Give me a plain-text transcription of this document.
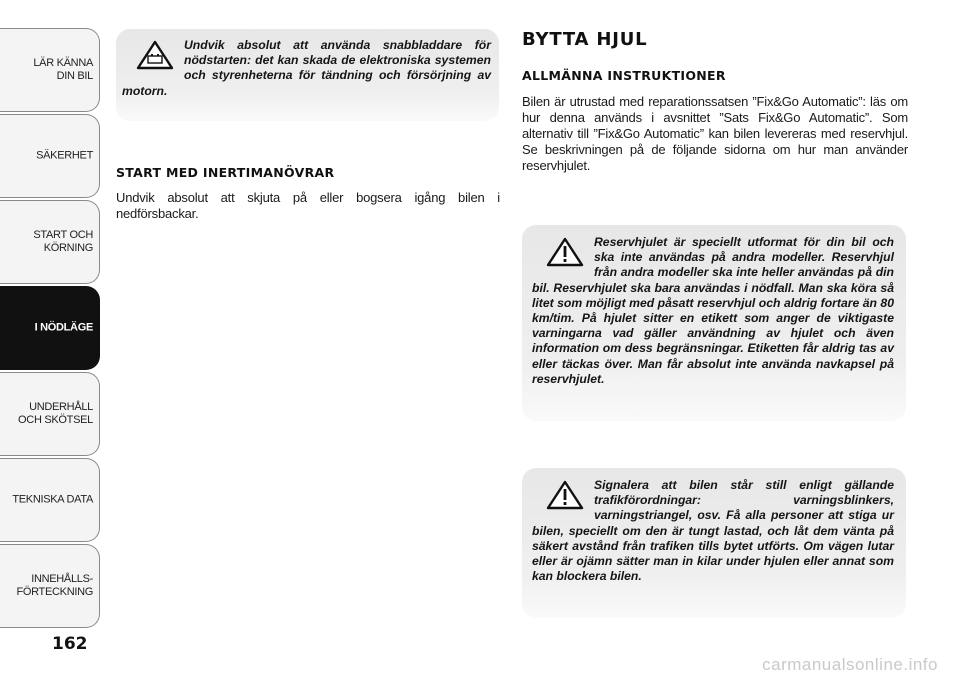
LÄR KÄNNA
DIN BIL
SÄKERHET
START OCH
KÖRNING
I NÖDLÄGE
UNDERHÅLL
OCH SKÖTSEL
TEKNISKA DATA
INNEHÅLLS-
FÖRTECKNING
162

Undvik absolut att använda snabbladdare för nödstarten: det kan skada de elektroniska systemen och styrenheterna för tändning och försörjning av motorn.

START MED INERTIMANÖVRAR

Undvik absolut att skjuta på eller bogsera igång bilen i nedförsbackar.

BYTTA HJUL
ALLMÄNNA INSTRUKTIONER

Bilen är utrustad med reparationssatsen ”Fix&Go Automatic”: läs om hur denna används i avsnittet ”Sats Fix&Go Automatic”. Som alternativ till ”Fix&Go Automatic” kan bilen levereras med reservhjul. Se beskrivningen på de följande sidorna om hur man använder reservhjulet.

Reservhjulet är speciellt utformat för din bil och ska inte användas på andra modeller. Reservhjul från andra modeller ska inte heller användas på din bil. Reservhjulet ska bara användas i nödfall. Man ska köra så litet som möjligt med påsatt reservhjul och aldrig fortare än 80 km/tim. På hjulet sitter en etikett som anger de viktigaste varningarna vad gäller användning av hjulet och även information om dess begränsningar. Etiketten får aldrig tas av eller täckas över. Man får absolut inte använda navkapsel på reservhjulet.

Signalera att bilen står still enligt gällande trafikförordningar: varningsblinkers, varningstriangel, osv. Få alla personer att stiga ur bilen, speciellt om den är tungt lastad, och låt dem vänta på säkert avstånd från trafiken tills bytet utförts. Om vägen lutar eller är ojämn sätter man in kilar under hjulen eller annat som kan blockera bilen.

carmanualsonline.info
